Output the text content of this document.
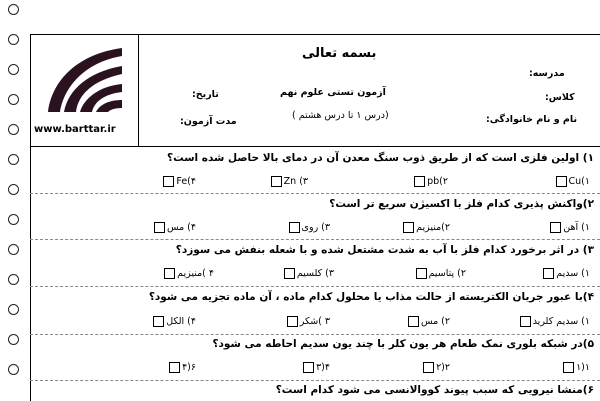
www.barttar.ir
بسمه تعالی
آزمون تستی علوم نهم
(درس ۱ تا درس هشتم )
تاریخ:
مدت آزمون:
مدرسه:
کلاس:
نام و نام خانوادگی:
۱) اولین فلزی است که از طریق ذوب سنگ معدن آن در دمای بالا حاصل شده است؟
Cu(۱
pb(۲
Zn (۳
Fe(۴
۲)واکنش پذیری کدام فلز با اکسیژن سریع تر است؟
۱) آهن
۲)منیزیم
۳) روی
۴) مس
۳) در اثر برخورد کدام فلز با آب به شدت مشتعل شده و با شعله بنفش می سوزد؟
۱) سدیم
۲) پتاسیم
۳) کلسیم
۴ )منیزیم
۴)با عبور جریان الکتریسته از حالت مذاب یا محلول کدام ماده ، آن ماده تجزیه می شود؟
۱) سدیم کلرید
۲) مس
۳ )شکر
۴) الکل
۵)در شبکه بلوری نمک طعام هر یون کلر با چند یون سدیم احاطه می شود؟
۱(۱
۲(۲
۴(۳
۶(۴
۶)منشا نیرویی که سبب پیوند کووالانسی می شود کدام است؟
